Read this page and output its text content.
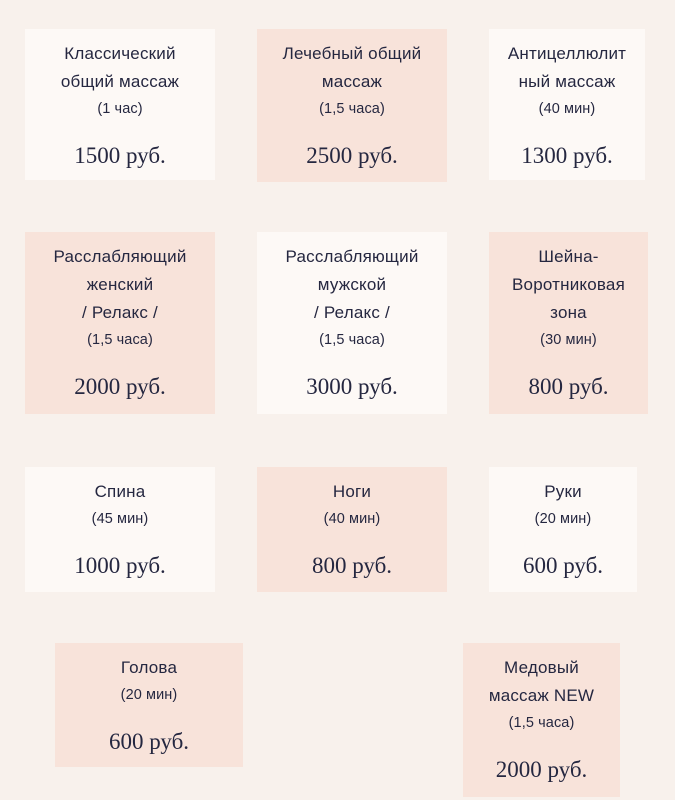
Классический
общий массаж
(1 час)
1500 руб.
Лечебный общий
массаж
(1,5 часа)
2500 руб.
Антицеллюлит
ный массаж
(40 мин)
1300 руб.
Расслабляющий
женский
/ Релакс /
(1,5 часа)
2000 руб.
Расслабляющий
мужской
/ Релакс /
(1,5 часа)
3000 руб.
Шейна-
Воротниковая
зона
(30 мин)
800 руб.
Спина
(45 мин)
1000 руб.
Ноги
(40 мин)
800 руб.
Руки
(20 мин)
600 руб.
Голова
(20 мин)
600 руб.
Медовый
массаж NEW
(1,5 часа)
2000 руб.
